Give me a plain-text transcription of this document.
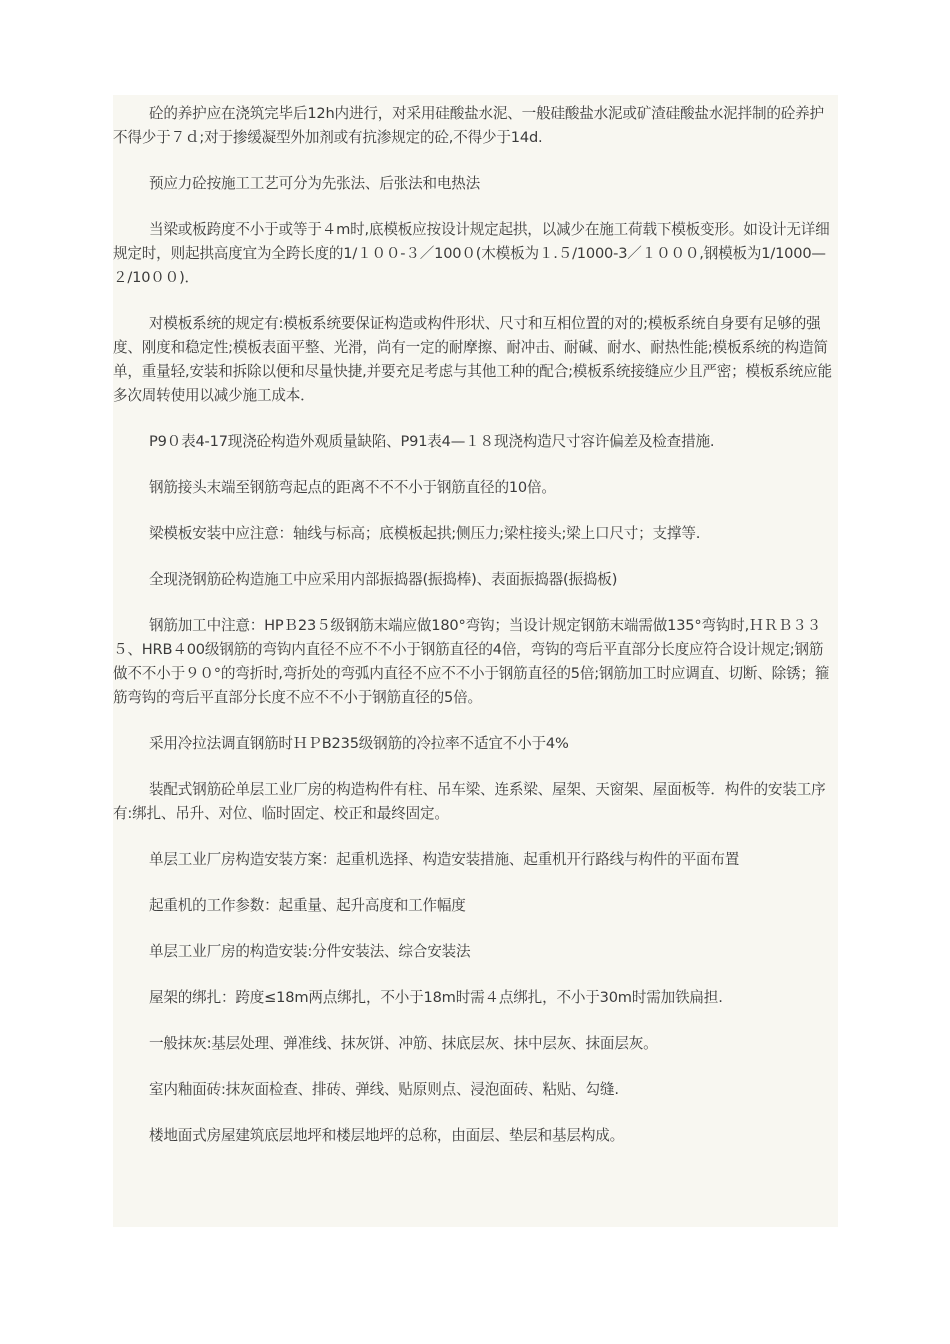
砼的养护应在浇筑完毕后12h内进行，对采用硅酸盐水泥、一般硅酸盐水泥或矿渣硅酸盐水泥拌制的砼养护不得少于７ｄ;对于掺缓凝型外加剂或有抗渗规定的砼,不得少于14d.

预应力砼按施工工艺可分为先张法、后张法和电热法

当梁或板跨度不小于或等于４m时,底模板应按设计规定起拱，以减少在施工荷载下模板变形。如设计无详细规定时，则起拱高度宜为全跨长度的1/１００-３／100０(木模板为１.５/1000-3／１０００,钢模板为1/1000—２/10００)．

对模板系统的规定有:模板系统要保证构造或构件形状、尺寸和互相位置的对的;模板系统自身要有足够的强度、刚度和稳定性;模板表面平整、光滑，尚有一定的耐摩擦、耐冲击、耐碱、耐水、耐热性能;模板系统的构造简单，重量轻,安装和拆除以便和尽量快捷,并要充足考虑与其他工种的配合;模板系统接缝应少且严密；模板系统应能多次周转使用以减少施工成本．

P9０表4-17现浇砼构造外观质量缺陷、P91表4—１８现浇构造尺寸容许偏差及检查措施.

钢筋接头末端至钢筋弯起点的距离不不不小于钢筋直径的10倍。

梁模板安装中应注意：轴线与标高；底模板起拱;侧压力;梁柱接头;梁上口尺寸；支撑等.

全现浇钢筋砼构造施工中应采用内部振捣器(振捣棒)、表面振捣器(振捣板)

钢筋加工中注意：HPＢ23５级钢筋末端应做180°弯钩；当设计规定钢筋末端需做135°弯钩时,ＨＲＢ３３５、HRB４00级钢筋的弯钩内直径不应不不小于钢筋直径的4倍，弯钩的弯后平直部分长度应符合设计规定;钢筋做不不小于９０°的弯折时,弯折处的弯弧内直径不应不不小于钢筋直径的5倍;钢筋加工时应调直、切断、除锈；箍筋弯钩的弯后平直部分长度不应不不小于钢筋直径的5倍。

采用冷拉法调直钢筋时ＨＰB235级钢筋的冷拉率不适宜不小于4%

装配式钢筋砼单层工业厂房的构造构件有柱、吊车梁、连系梁、屋架、天窗架、屋面板等．构件的安装工序有:绑扎、吊升、对位、临时固定、校正和最终固定。

单层工业厂房构造安装方案：起重机选择、构造安装措施、起重机开行路线与构件的平面布置

起重机的工作参数：起重量、起升高度和工作幅度

单层工业厂房的构造安装:分件安装法、综合安装法

屋架的绑扎：跨度≤18m两点绑扎，不小于18m时需４点绑扎，不小于30m时需加铁扁担.

一般抹灰:基层处理、弹准线、抹灰饼、冲筋、抹底层灰、抹中层灰、抹面层灰。

室内釉面砖:抹灰面检查、排砖、弹线、贴原则点、浸泡面砖、粘贴、勾缝.

楼地面式房屋建筑底层地坪和楼层地坪的总称，由面层、垫层和基层构成。
